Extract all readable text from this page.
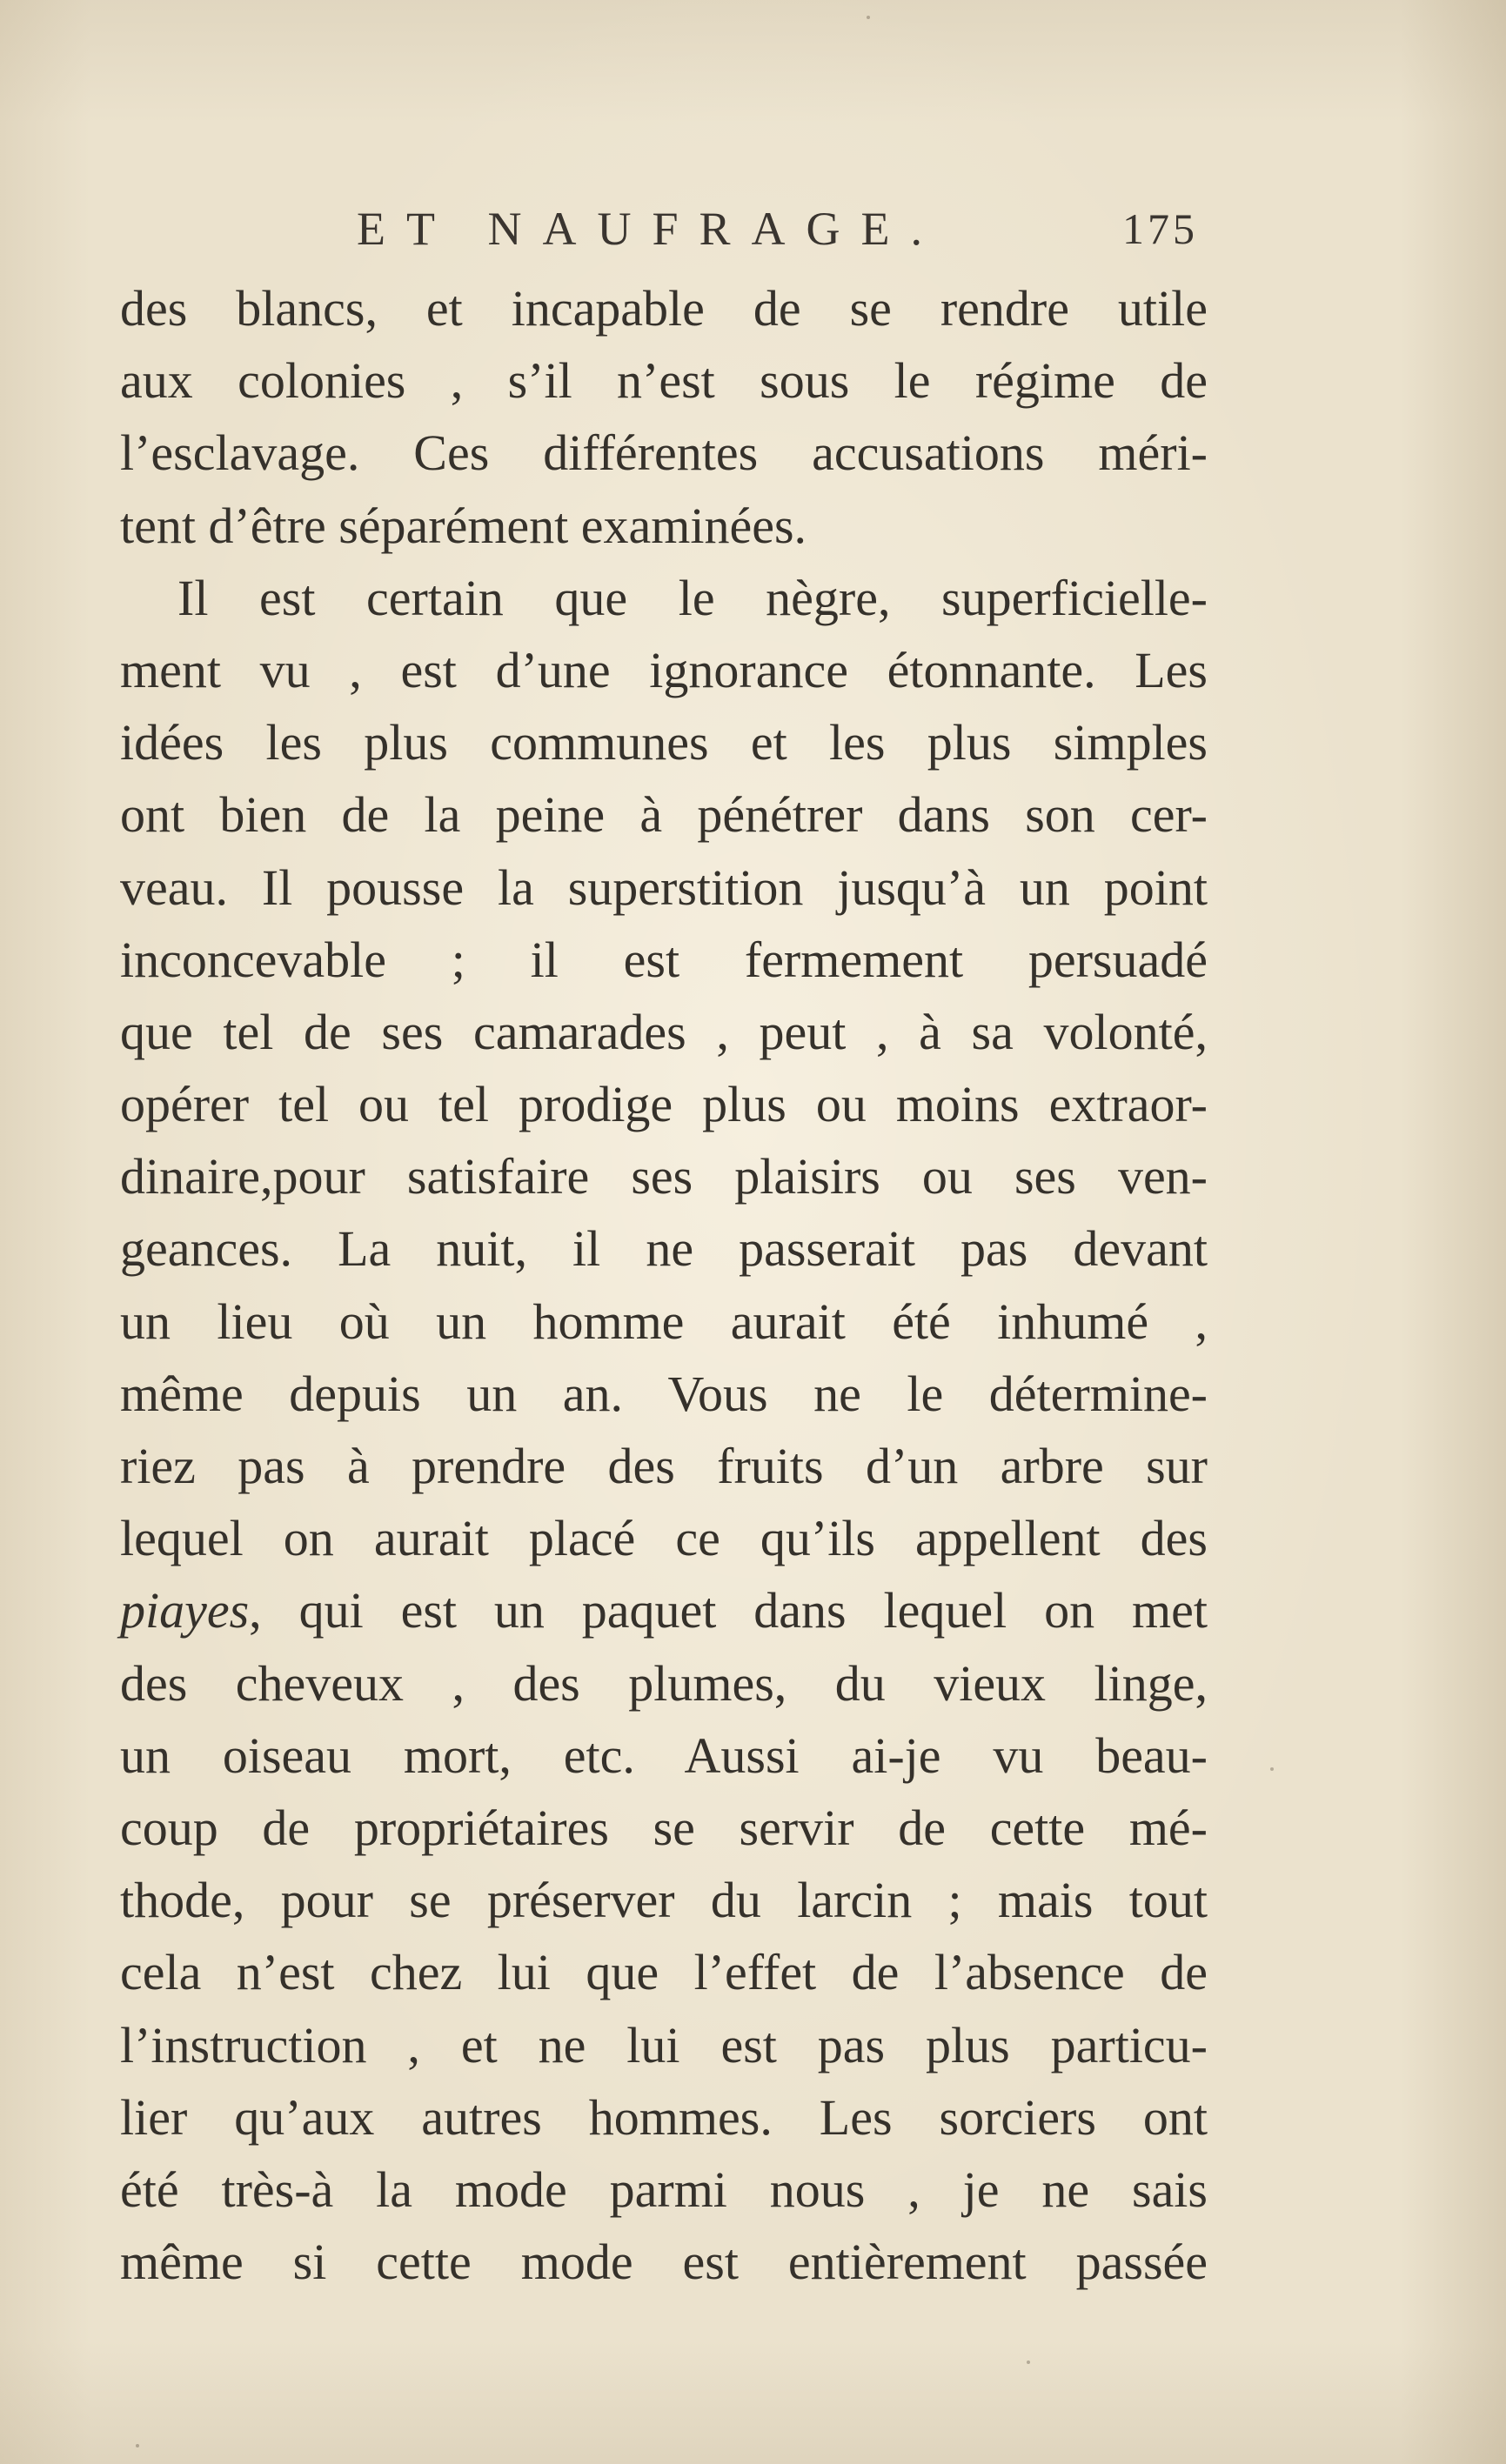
ET NAUFRAGE.	175
des blancs, et incapable de se rendre utile
aux colonies , s’il n’est sous le régime de
l’esclavage. Ces différentes accusations méri-
tent d’être séparément examinées.
Il est certain que le nègre, superficielle-
ment vu , est d’une ignorance étonnante. Les
idées les plus communes et les plus simples
ont bien de la peine à pénétrer dans son cer-
veau. Il pousse la superstition jusqu’à un point
inconcevable ; il est fermement persuadé
que tel de ses camarades , peut , à sa volonté,
opérer tel ou tel prodige plus ou moins extraor-
dinaire,pour satisfaire ses plaisirs ou ses ven-
geances. La nuit, il ne passerait pas devant
un lieu où un homme aurait été inhumé ,
même depuis un an. Vous ne le détermine-
riez pas à prendre des fruits d’un arbre sur
lequel on aurait placé ce qu’ils appellent des
piayes, qui est un paquet dans lequel on met
des cheveux , des plumes, du vieux linge,
un oiseau mort, etc. Aussi ai-je vu beau-
coup de propriétaires se servir de cette mé-
thode, pour se préserver du larcin ; mais tout
cela n’est chez lui que l’effet de l’absence de
l’instruction , et ne lui est pas plus particu-
lier qu’aux autres hommes. Les sorciers ont
été très-à la mode parmi nous , je ne sais
même si cette mode est entièrement passée
